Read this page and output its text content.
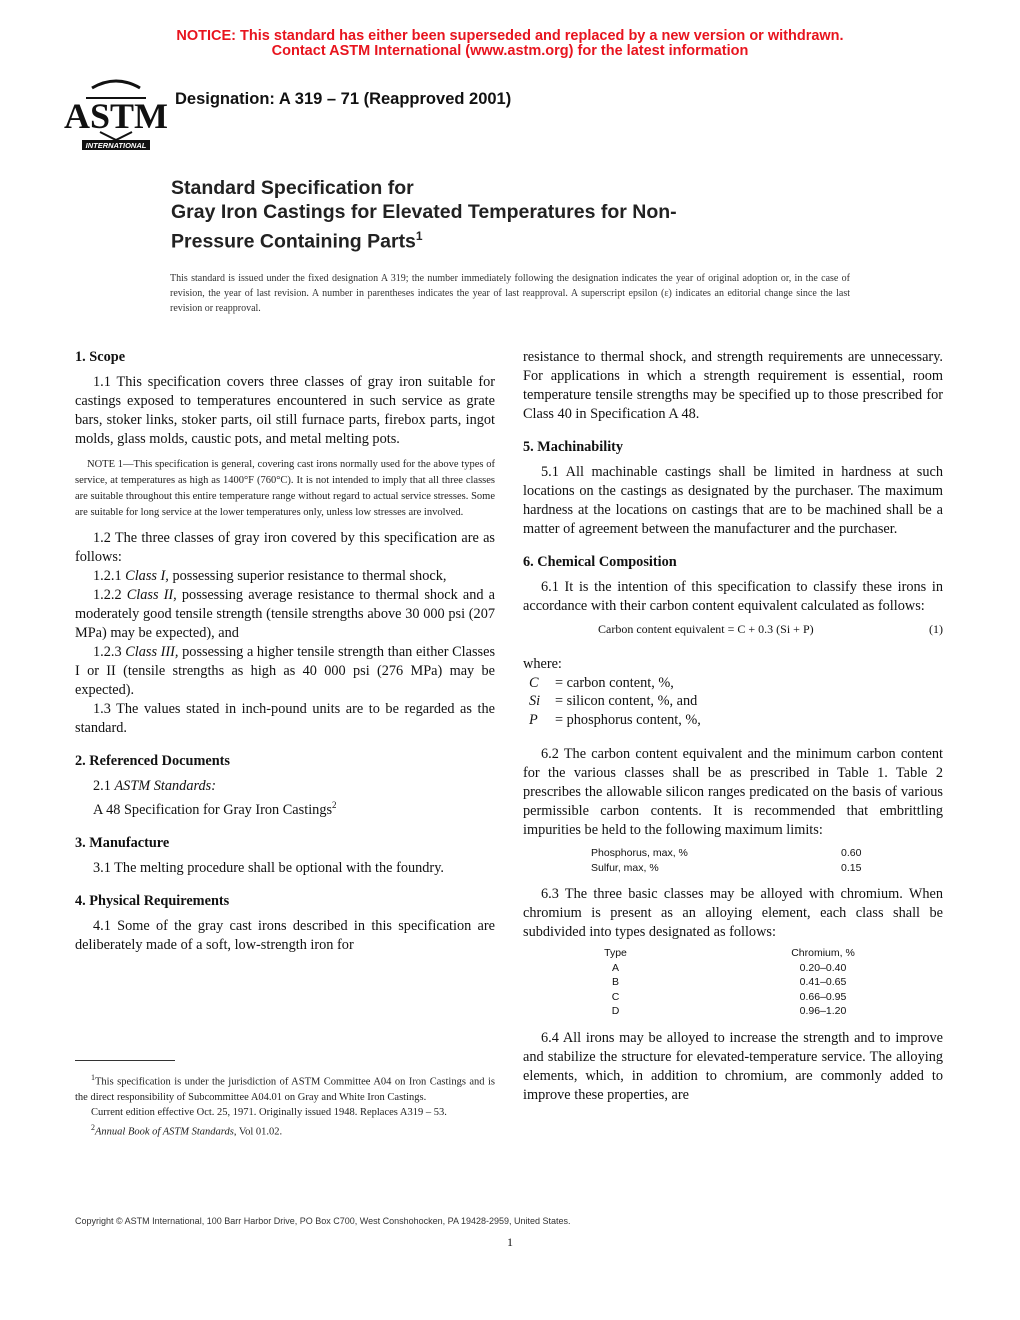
NOTICE: This standard has either been superseded and replaced by a new version or withdrawn.
Contact ASTM International (www.astm.org) for the latest information
ASTM
INTERNATIONAL
Designation: A 319 – 71 (Reapproved 2001)
Standard Specification for
Gray Iron Castings for Elevated Temperatures for Non-
Pressure Containing Parts$^1$
This standard is issued under the fixed designation A 319; the number immediately following the designation indicates the year of original adoption or, in the case of revision, the year of last revision. A number in parentheses indicates the year of last reapproval. A superscript epsilon (ε) indicates an editorial change since the last revision or reapproval.
1. Scope

1.1 This specification covers three classes of gray iron suitable for castings exposed to temperatures encountered in such service as grate bars, stoker links, stoker parts, oil still furnace parts, firebox parts, ingot molds, glass molds, caustic pots, and metal melting pots.

NOTE 1—This specification is general, covering cast irons normally used for the above types of service, at temperatures as high as 1400°F (760°C). It is not intended to imply that all three classes are suitable throughout this entire temperature range without regard to actual service stresses. Some are suitable for long service at the lower temperatures only, unless low stresses are involved.

1.2 The three classes of gray iron covered by this specification are as follows:

1.2.1 Class I, possessing superior resistance to thermal shock,

1.2.2 Class II, possessing average resistance to thermal shock and a moderately good tensile strength (tensile strengths above 30 000 psi (207 MPa) may be expected), and

1.2.3 Class III, possessing a higher tensile strength than either Classes I or II (tensile strengths as high as 40 000 psi (276 MPa) may be expected).

1.3 The values stated in inch-pound units are to be regarded as the standard.

2. Referenced Documents

2.1 ASTM Standards:

A 48 Specification for Gray Iron Castings$^2$

3. Manufacture

3.1 The melting procedure shall be optional with the foundry.

4. Physical Requirements

4.1 Some of the gray cast irons described in this specification are deliberately made of a soft, low-strength iron for

$^1$This specification is under the jurisdiction of ASTM Committee A04 on Iron Castings and is the direct responsibility of Subcommittee A04.01 on Gray and White Iron Castings.

Current edition effective Oct. 25, 1971. Originally issued 1948. Replaces A319 – 53.

$^2$Annual Book of ASTM Standards, Vol 01.02.

resistance to thermal shock, and strength requirements are unnecessary. For applications in which a strength requirement is essential, room temperature tensile strengths may be specified up to those prescribed for Class 40 in Specification A 48.

5. Machinability

5.1 All machinable castings shall be limited in hardness at such locations on the castings as designated by the purchaser. The maximum hardness at the locations on castings that are to be machined shall be a matter of agreement between the manufacturer and the purchaser.

6. Chemical Composition

6.1 It is the intention of this specification to classify these irons in accordance with their carbon content equivalent calculated as follows:

Carbon content equivalent = C + 0.3 (Si + P)	(1)
where:
C	= carbon content, %,
Si	= silicon content, %, and
P	= phosphorus content, %,

6.2 The carbon content equivalent and the minimum carbon content for the various classes shall be as prescribed in Table 1. Table 2 prescribes the allowable silicon ranges predicated on the basis of various permissible carbon contents. It is recommended that embrittling impurities be held to the following maximum limits:

Phosphorus, max, %	0.60
Sulfur, max, %	0.15

6.3 The three basic classes may be alloyed with chromium. When chromium is present as an alloying element, each class shall be subdivided into types designated as follows:

Type	Chromium, %
A	0.20–0.40
B	0.41–0.65
C	0.66–0.95
D	0.96–1.20

6.4 All irons may be alloyed to increase the strength and to improve and stabilize the structure for elevated-temperature service. The alloying elements, which, in addition to chromium, are commonly added to improve these properties, are

Copyright © ASTM International, 100 Barr Harbor Drive, PO Box C700, West Conshohocken, PA 19428-2959, United States.
1
